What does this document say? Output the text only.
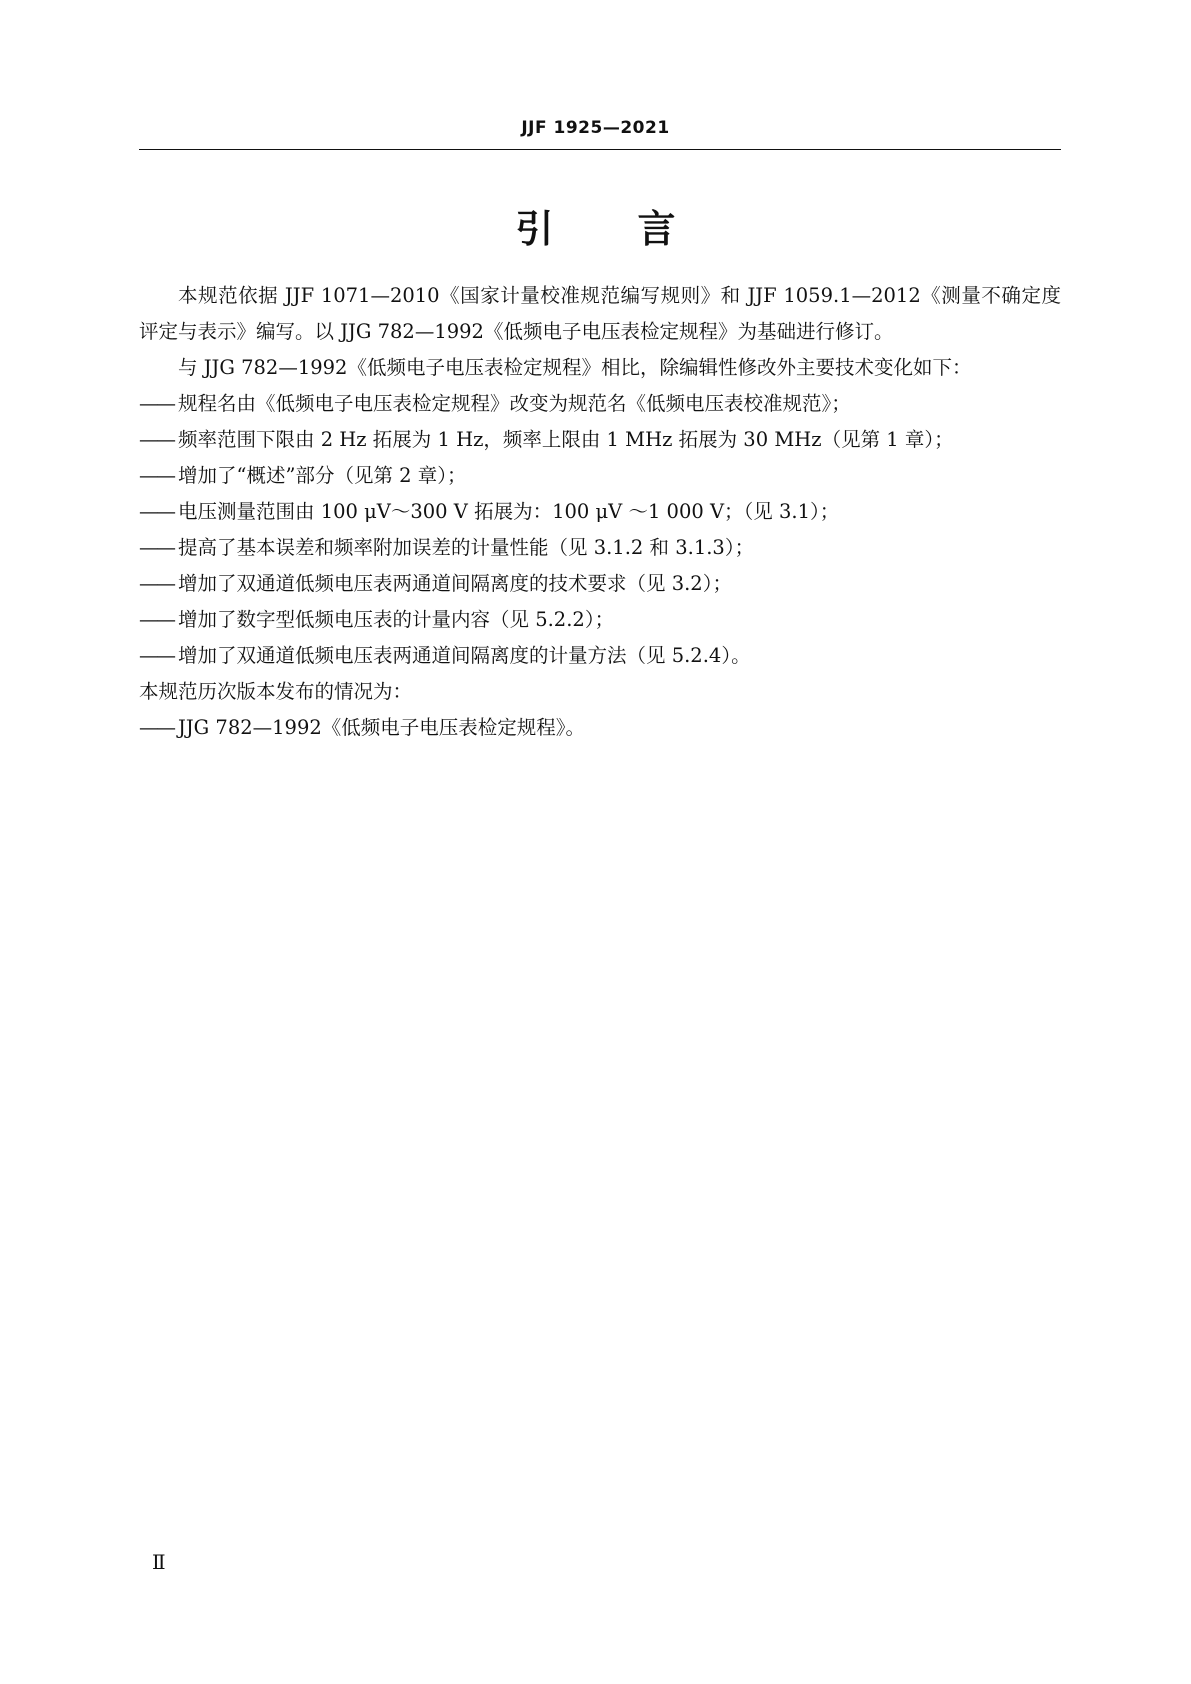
JJF 1925—2021
引 言

本规范依据 JJF 1071—2010《国家计量校准规范编写规则》和 JJF 1059.1—2012《测量不确定度评定与表示》编写。以 JJG 782—1992《低频电子电压表检定规程》为基础进行修订。

与 JJG 782—1992《低频电子电压表检定规程》相比，除编辑性修改外主要技术变化如下：

—— 规程名由《低频电子电压表检定规程》改变为规范名《低频电压表校准规范》；

—— 频率范围下限由 2 Hz 拓展为 1 Hz，频率上限由 1 MHz 拓展为 30 MHz（见第 1 章）；

—— 增加了“概述”部分（见第 2 章）；

—— 电压测量范围由 100 μV～300 V 拓展为：100 μV ～1 000 V；（见 3.1）；

—— 提高了基本误差和频率附加误差的计量性能（见 3.1.2 和 3.1.3）；

—— 增加了双通道低频电压表两通道间隔离度的技术要求（见 3.2）；

—— 增加了数字型低频电压表的计量内容（见 5.2.2）；

—— 增加了双通道低频电压表两通道间隔离度的计量方法（见 5.2.4）。

本规范历次版本发布的情况为：

—— JJG 782—1992《低频电子电压表检定规程》。

Ⅱ
